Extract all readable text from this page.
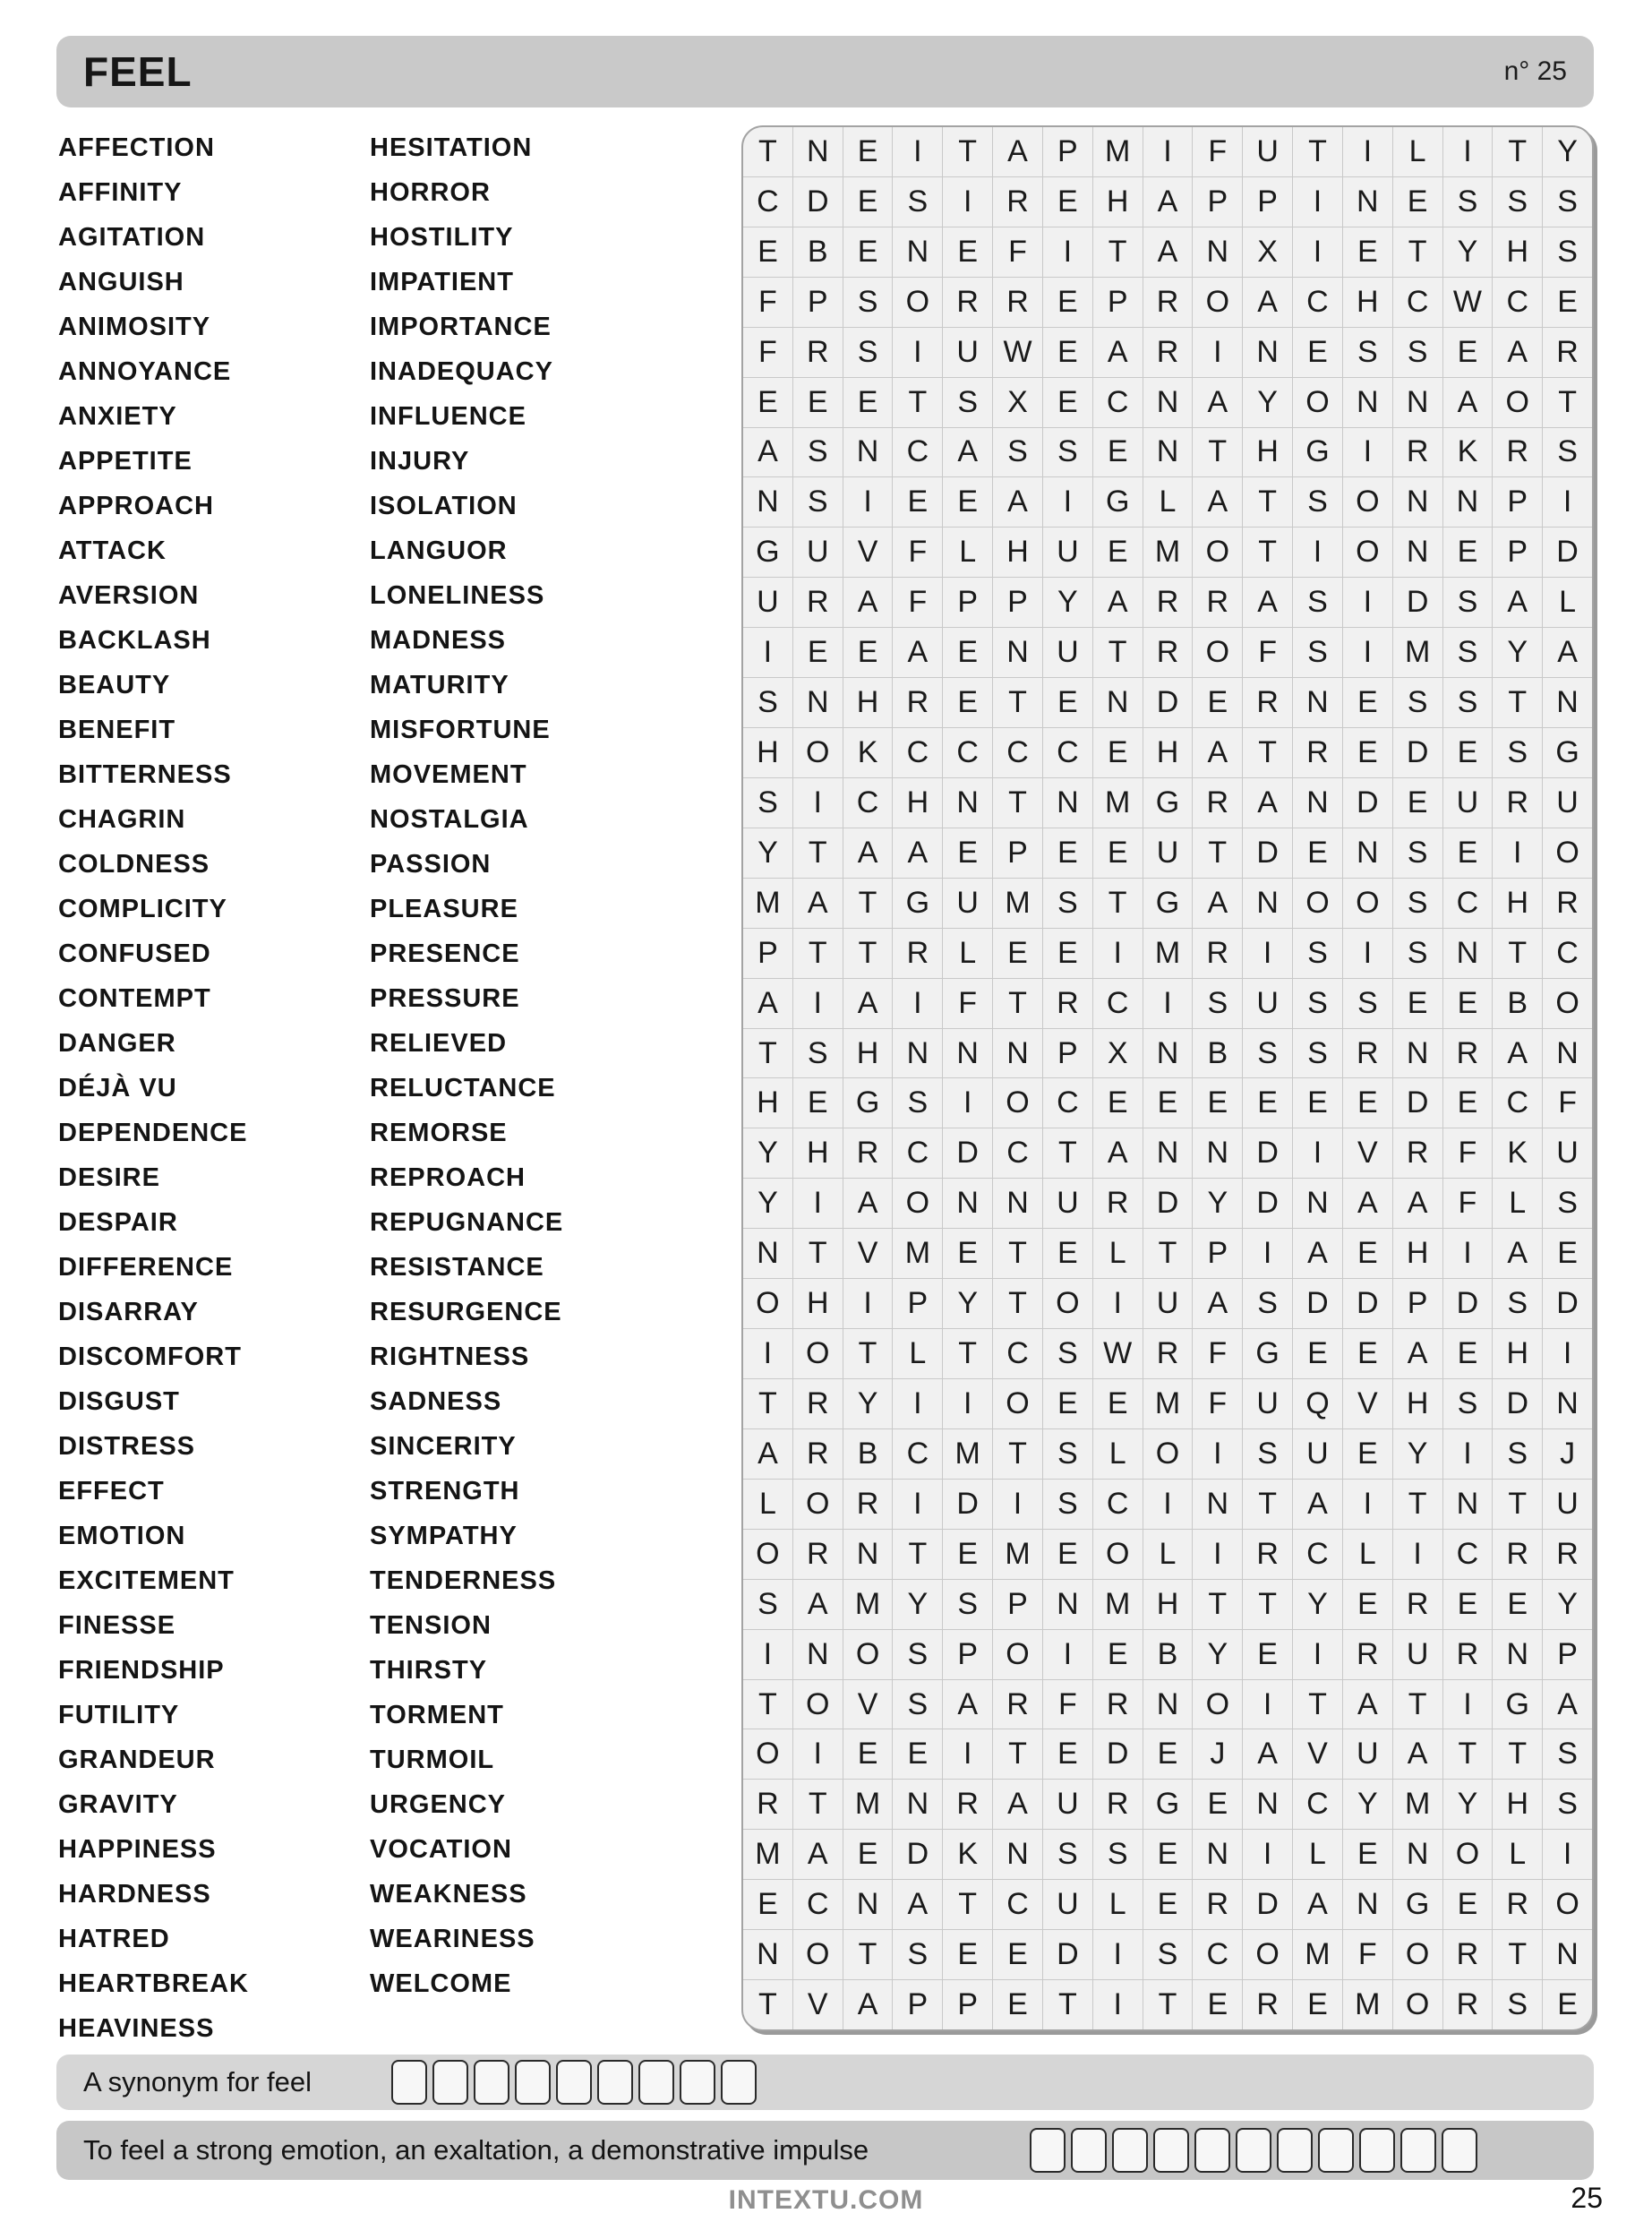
FEEL	n° 25
AFFECTION
AFFINITY
AGITATION
ANGUISH
ANIMOSITY
ANNOYANCE
ANXIETY
APPETITE
APPROACH
ATTACK
AVERSION
BACKLASH
BEAUTY
BENEFIT
BITTERNESS
CHAGRIN
COLDNESS
COMPLICITY
CONFUSED
CONTEMPT
DANGER
DÉJÀ VU
DEPENDENCE
DESIRE
DESPAIR
DIFFERENCE
DISARRAY
DISCOMFORT
DISGUST
DISTRESS
EFFECT
EMOTION
EXCITEMENT
FINESSE
FRIENDSHIP
FUTILITY
GRANDEUR
GRAVITY
HAPPINESS
HARDNESS
HATRED
HEARTBREAK
HEAVINESS
HESITATION
HORROR
HOSTILITY
IMPATIENT
IMPORTANCE
INADEQUACY
INFLUENCE
INJURY
ISOLATION
LANGUOR
LONELINESS
MADNESS
MATURITY
MISFORTUNE
MOVEMENT
NOSTALGIA
PASSION
PLEASURE
PRESENCE
PRESSURE
RELIEVED
RELUCTANCE
REMORSE
REPROACH
REPUGNANCE
RESISTANCE
RESURGENCE
RIGHTNESS
SADNESS
SINCERITY
STRENGTH
SYMPATHY
TENDERNESS
TENSION
THIRSTY
TORMENT
TURMOIL
URGENCY
VOCATION
WEAKNESS
WEARINESS
WELCOME
T N E	I	T	A P M	I	F U T	I	L	I	T	Y
C D E S	I	R E H A P P	I	N E S S S
E B E N E	F	I	T	A N X	I	E	T	Y H S
F	P S O R R E P R O A C H C W C E
F R S	I	U W E A R	I	N E S S E A R
E E E	T	S X E C N A Y O N N A O T
A S N C A S S E N T H G	I	R K R S
N S	I	E E A	I	G L	A	T	S O N N P	I
G U V	F	L	H U E M O T	I	O N E P D
U R A	F	P P Y A R R A S	I	D S A	L
I	E E A E N U T R O F	S	I	M S Y A
S N H R E	T	E N D E R N E S S	T N
H O K C C C C E H A	T R E D E S G
S	I	C H N T N M G R A N D E U R U
Y	T	A A E P E E U T D E N S E	I	O
M A	T G U M S	T G A N O O S C H R
P	T	T R	L	E E	I	M R	I	S	I	S N T C
A	I	A	I	F	T R C	I	S U S S E E B O
T	S H N N N P X N B S S R N R A N
H E G S	I	O C E E E E E E D E C F
Y H R C D C T	A N N D	I	V R F	K U
Y	I	A O N N U R D Y D N A A	F	L	S
N T	V M E	T	E	L	T	P	I	A E H	I	A E
O H	I	P Y	T O	I	U A S D D P D S D
I	O T	L	T C S W R F G E E A E H	I
T R Y	I	I	O E E M F U Q V H S D N
A R B C M T	S	L O	I	S U E Y	I	S	J
L O R	I	D	I	S C	I	N T	A	I	T N T U
O R N T	E M E O L	I	R C	L	I	C R R
S A M Y S P N M H T	T	Y E R E E Y
I	N O S P O	I	E B Y E	I	R U R N P
T O V S A R F R N O	I	T	A	T	I	G A
O	I	E E	I	T	E D E	J	A V U A	T	T	S
R T M N R A U R G E N C Y M Y H S
M A E D K N S S E N	I	L	E N O L	I
E C N A	T C U	L	E R D A N G E R O
N O T	S E E D	I	S C O M F O R T N
T	V A P P E	T	I	T	E R E M O R S E
A synonym for feel
To feel a strong emotion, an exaltation, a demonstrative impulse
INTEXTU.COM	25
